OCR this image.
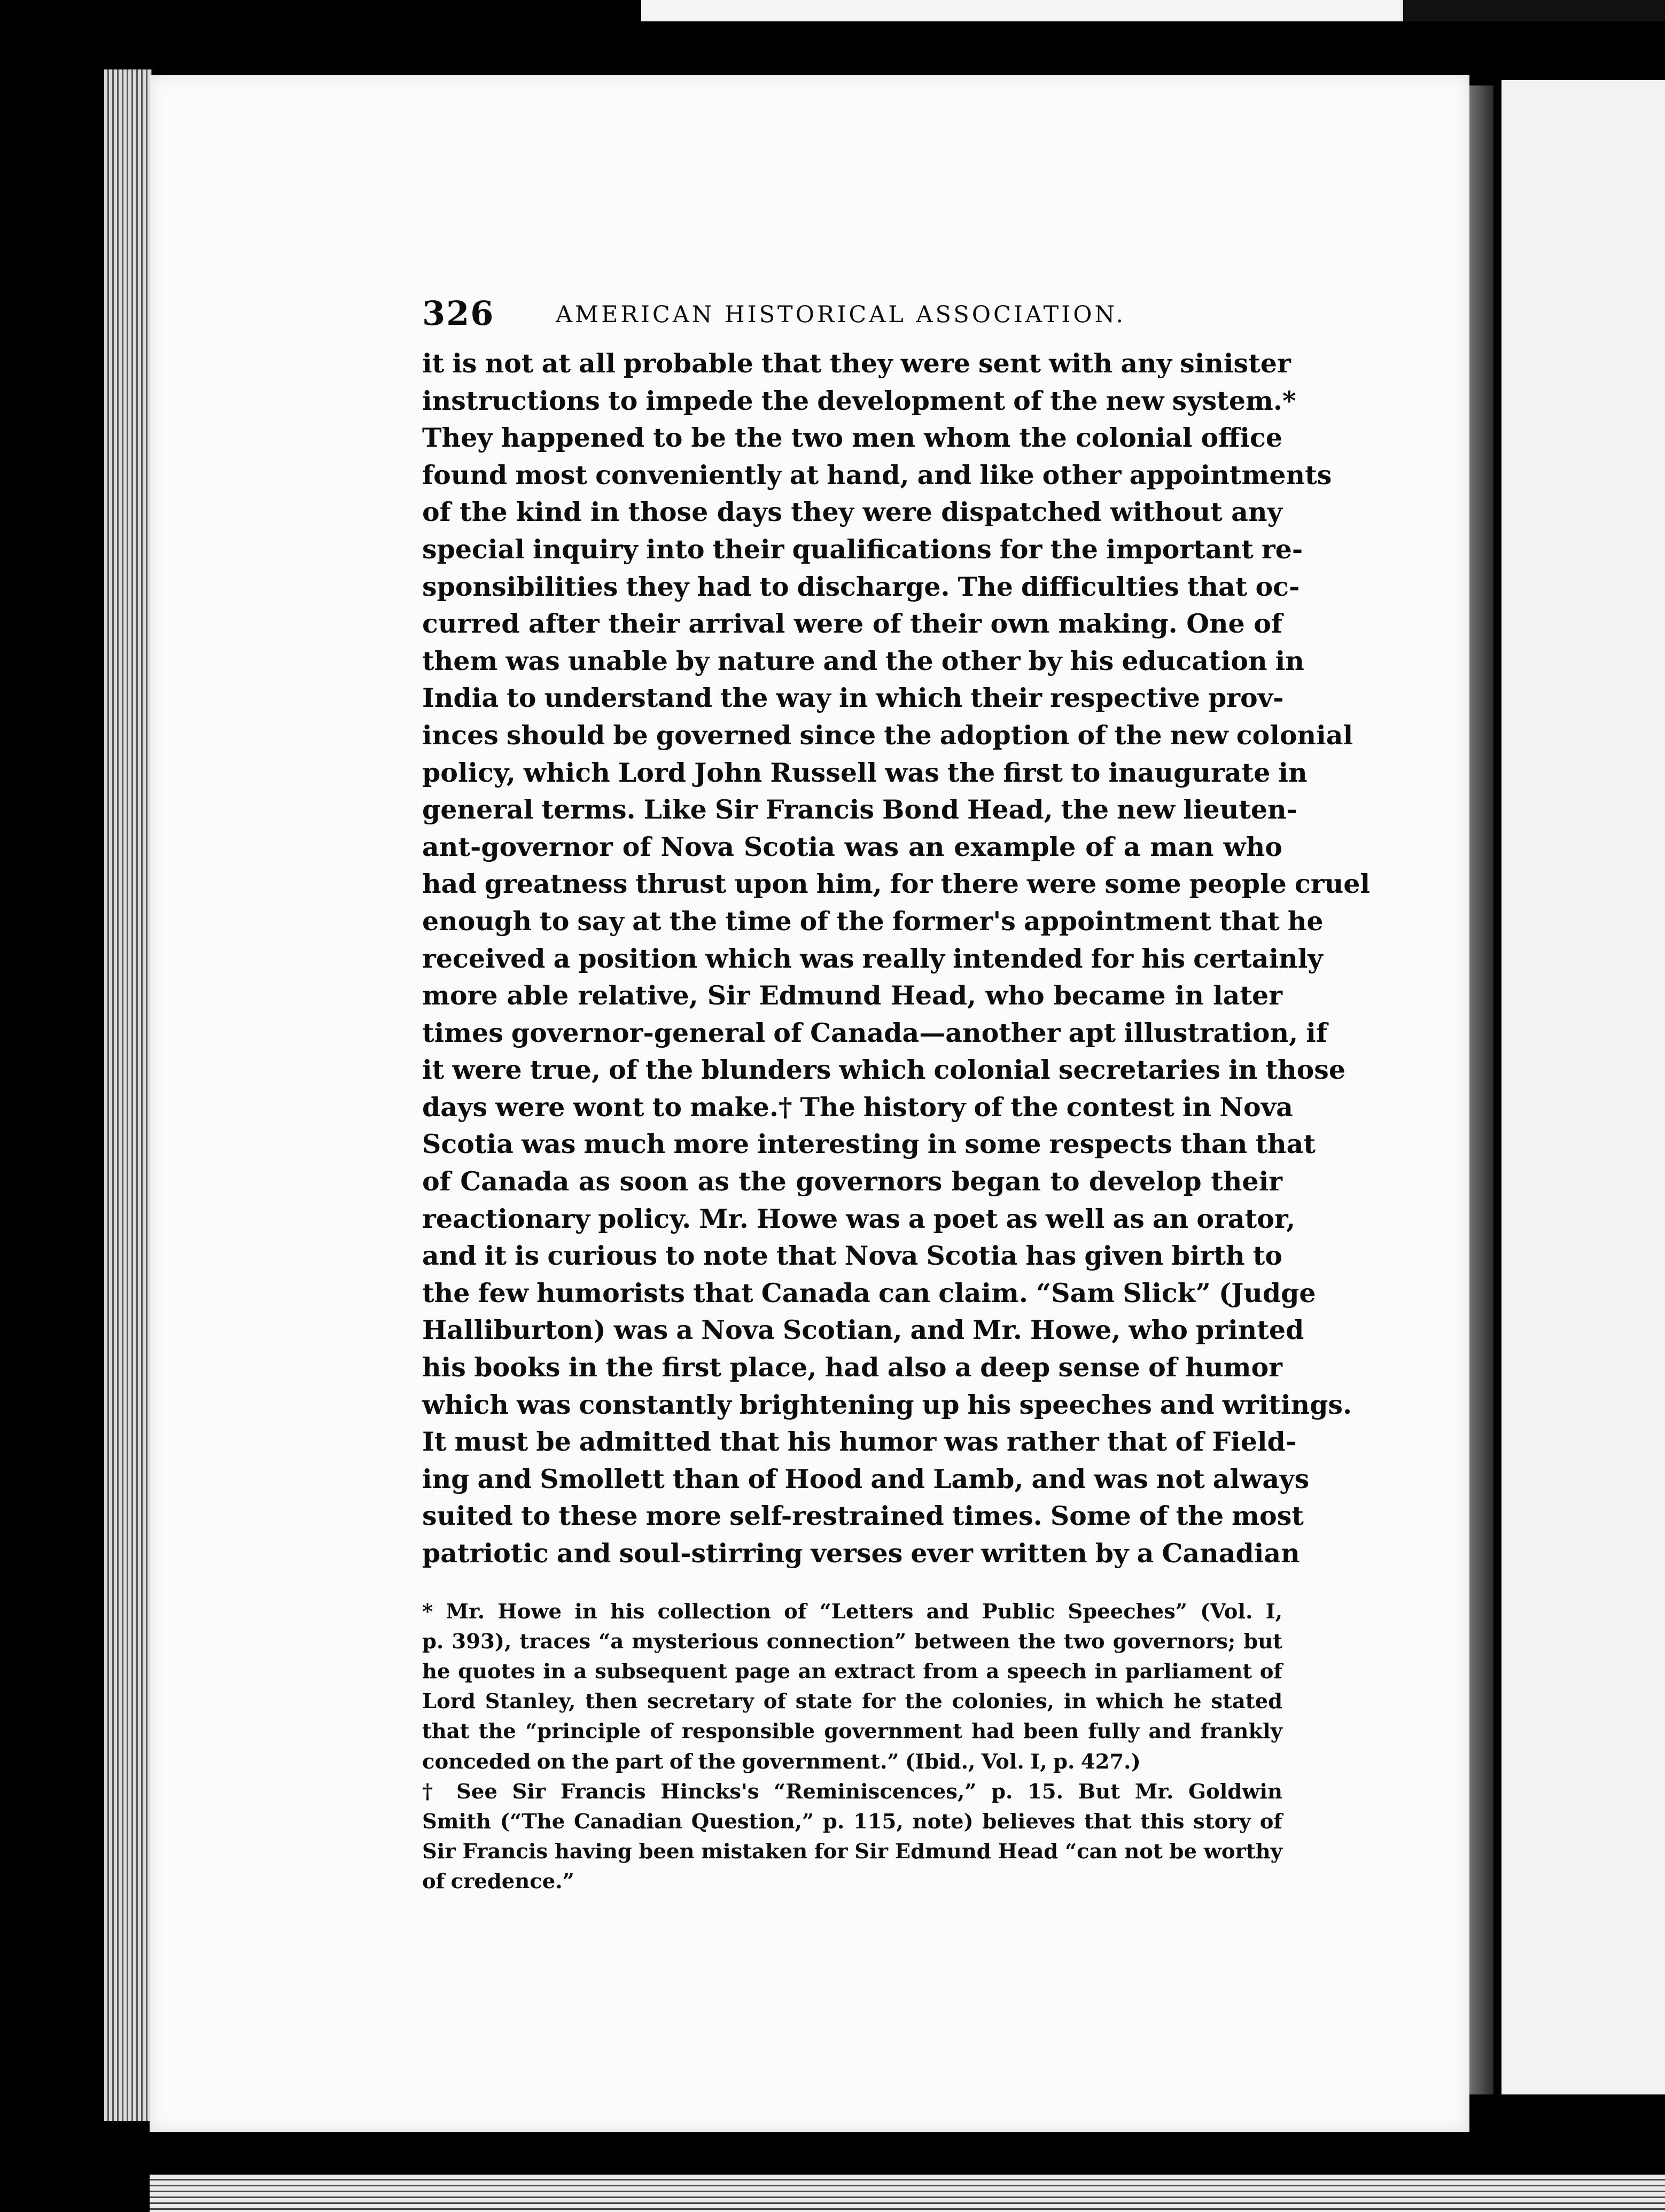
326	AMERICAN HISTORICAL ASSOCIATION.
it is not at all probable that they were sent with any sinister
instructions to impede the development of the new system.*
They happened to be the two men whom the colonial office
found most conveniently at hand, and like other appointments
of the kind in those days they were dispatched without any
special inquiry into their qualifications for the important re-
sponsibilities they had to discharge. The difficulties that oc-
curred after their arrival were of their own making. One of
them was unable by nature and the other by his education in
India to understand the way in which their respective prov-
inces should be governed since the adoption of the new colonial
policy, which Lord John Russell was the first to inaugurate in
general terms. Like Sir Francis Bond Head, the new lieuten-
ant-governor of Nova Scotia was an example of a man who
had greatness thrust upon him, for there were some people cruel
enough to say at the time of the former's appointment that he
received a position which was really intended for his certainly
more able relative, Sir Edmund Head, who became in later
times governor-general of Canada—another apt illustration, if
it were true, of the blunders which colonial secretaries in those
days were wont to make.† The history of the contest in Nova
Scotia was much more interesting in some respects than that
of Canada as soon as the governors began to develop their
reactionary policy. Mr. Howe was a poet as well as an orator,
and it is curious to note that Nova Scotia has given birth to
the few humorists that Canada can claim. “Sam Slick” (Judge
Halliburton) was a Nova Scotian, and Mr. Howe, who printed
his books in the first place, had also a deep sense of humor
which was constantly brightening up his speeches and writings.
It must be admitted that his humor was rather that of Field-
ing and Smollett than of Hood and Lamb, and was not always
suited to these more self-restrained times. Some of the most
patriotic and soul-stirring verses ever written by a Canadian
* Mr. Howe in his collection of “Letters and Public Speeches” (Vol. I,
p. 393), traces “a mysterious connection” between the two governors; but
he quotes in a subsequent page an extract from a speech in parliament of
Lord Stanley, then secretary of state for the colonies, in which he stated
that the “principle of responsible government had been fully and frankly
conceded on the part of the government.” (Ibid., Vol. I, p. 427.)
† See Sir Francis Hincks's “Reminiscences,” p. 15. But Mr. Goldwin
Smith (“The Canadian Question,” p. 115, note) believes that this story of
Sir Francis having been mistaken for Sir Edmund Head “can not be worthy
of credence.”
